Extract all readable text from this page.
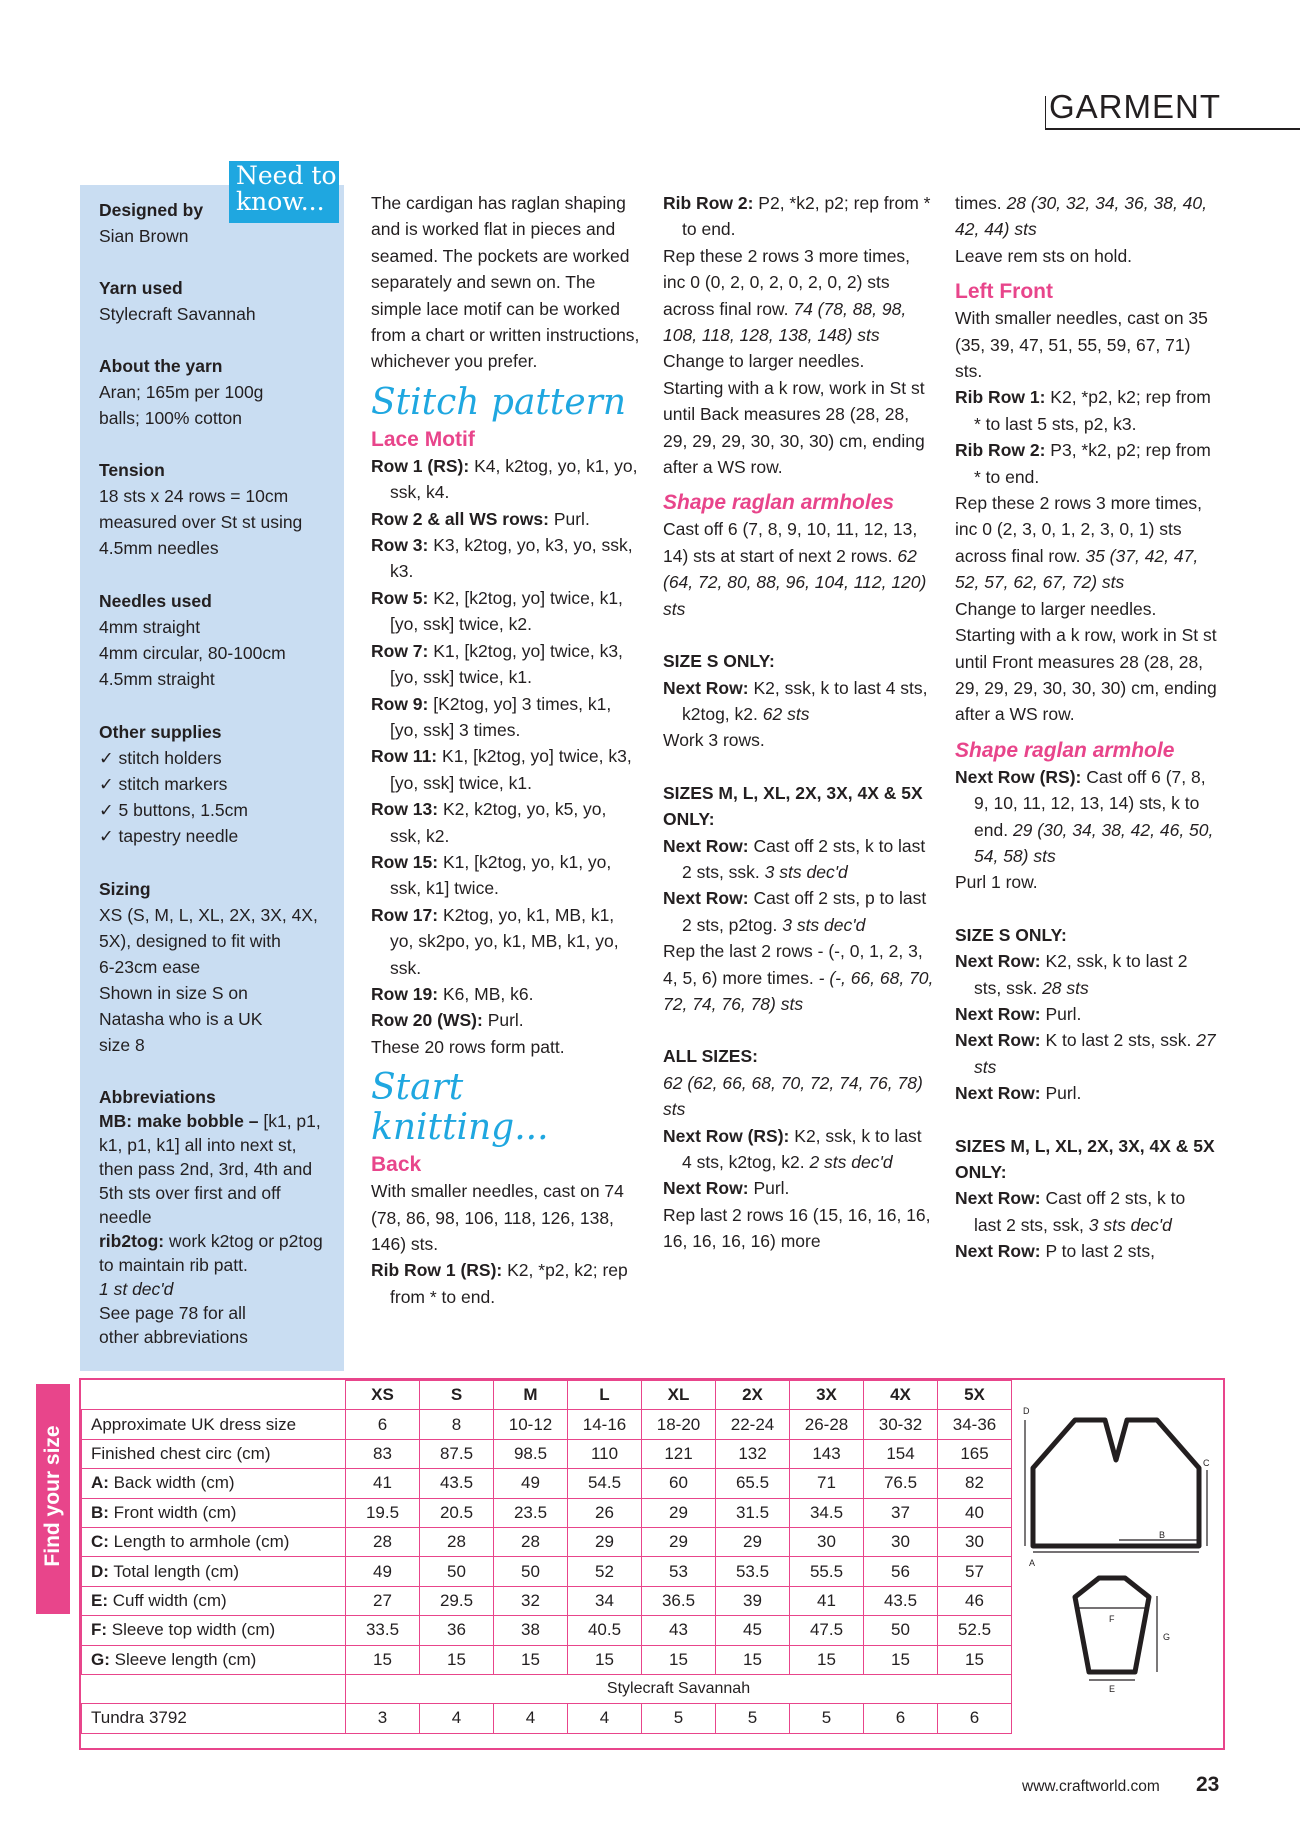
GARMENT
Need to
know...
Designed by

Sian Brown

Yarn used

Stylecraft Savannah

About the yarn

Aran; 165m per 100g

balls; 100% cotton

Tension

18 sts x 24 rows = 10cm

measured over St st using

4.5mm needles

Needles used

4mm straight

4mm circular, 80-100cm

4.5mm straight

Other supplies

✓ stitch holders

✓ stitch markers

✓ 5 buttons, 1.5cm

✓ tapestry needle

Sizing

XS (S, M, L, XL, 2X, 3X, 4X,

5X), designed to fit with

6-23cm ease

Shown in size S on

Natasha who is a UK

size 8

Abbreviations

MB: make bobble – [k1, p1, k1, p1, k1] all into next st, then pass 2nd, 3rd, 4th and 5th sts over first and off needle

rib2tog: work k2tog or p2tog to maintain rib patt.

1 st dec'd

See page 78 for all other abbreviations

The cardigan has raglan shaping and is worked flat in pieces and seamed. The pockets are worked separately and sewn on. The simple lace motif can be worked from a chart or written instructions, whichever you prefer.

Stitch pattern
Lace Motif

Row 1 (RS): K4, k2tog, yo, k1, yo, ssk, k4.

Row 2 & all WS rows: Purl.

Row 3: K3, k2tog, yo, k3, yo, ssk, k3.

Row 5: K2, [k2tog, yo] twice, k1, [yo, ssk] twice, k2.

Row 7: K1, [k2tog, yo] twice, k3, [yo, ssk] twice, k1.

Row 9: [K2tog, yo] 3 times, k1, [yo, ssk] 3 times.

Row 11: K1, [k2tog, yo] twice, k3, [yo, ssk] twice, k1.

Row 13: K2, k2tog, yo, k5, yo, ssk, k2.

Row 15: K1, [k2tog, yo, k1, yo, ssk, k1] twice.

Row 17: K2tog, yo, k1, MB, k1, yo, sk2po, yo, k1, MB, k1, yo, ssk.

Row 19: K6, MB, k6.

Row 20 (WS): Purl.

These 20 rows form patt.

Start knitting...
Back

With smaller needles, cast on 74 (78, 86, 98, 106, 118, 126, 138, 146) sts.

Rib Row 1 (RS): K2, *p2, k2; rep from * to end.

Rib Row 2: P2, *k2, p2; rep from * to end.

Rep these 2 rows 3 more times, inc 0 (0, 2, 0, 2, 0, 2, 0, 2) sts across final row. 74 (78, 88, 98, 108, 118, 128, 138, 148) sts

Change to larger needles.

Starting with a k row, work in St st until Back measures 28 (28, 28, 29, 29, 29, 30, 30, 30) cm, ending after a WS row.

Shape raglan armholes

Cast off 6 (7, 8, 9, 10, 11, 12, 13, 14) sts at start of next 2 rows. 62 (64, 72, 80, 88, 96, 104, 112, 120) sts

SIZE S ONLY:

Next Row: K2, ssk, k to last 4 sts, k2tog, k2. 62 sts

Work 3 rows.

SIZES M, L, XL, 2X, 3X, 4X & 5X ONLY:

Next Row: Cast off 2 sts, k to last 2 sts, ssk. 3 sts dec'd

Next Row: Cast off 2 sts, p to last 2 sts, p2tog. 3 sts dec'd

Rep the last 2 rows - (-, 0, 1, 2, 3, 4, 5, 6) more times. - (-, 66, 68, 70, 72, 74, 76, 78) sts

ALL SIZES:

62 (62, 66, 68, 70, 72, 74, 76, 78) sts

Next Row (RS): K2, ssk, k to last 4 sts, k2tog, k2. 2 sts dec'd

Next Row: Purl.

Rep last 2 rows 16 (15, 16, 16, 16, 16, 16, 16, 16) more

times. 28 (30, 32, 34, 36, 38, 40, 42, 44) sts

Leave rem sts on hold.

Left Front

With smaller needles, cast on 35 (35, 39, 47, 51, 55, 59, 67, 71) sts.

Rib Row 1: K2, *p2, k2; rep from * to last 5 sts, p2, k3.

Rib Row 2: P3, *k2, p2; rep from * to end.

Rep these 2 rows 3 more times, inc 0 (2, 3, 0, 1, 2, 3, 0, 1) sts across final row. 35 (37, 42, 47, 52, 57, 62, 67, 72) sts

Change to larger needles.

Starting with a k row, work in St st until Front measures 28 (28, 28, 29, 29, 29, 30, 30, 30) cm, ending after a WS row.

Shape raglan armhole

Next Row (RS): Cast off 6 (7, 8, 9, 10, 11, 12, 13, 14) sts, k to end. 29 (30, 34, 38, 42, 46, 50, 54, 58) sts

Purl 1 row.

SIZE S ONLY:

Next Row: K2, ssk, k to last 2 sts, ssk. 28 sts

Next Row: Purl.

Next Row: K to last 2 sts, ssk. 27 sts

Next Row: Purl.

SIZES M, L, XL, 2X, 3X, 4X & 5X ONLY:

Next Row: Cast off 2 sts, k to last 2 sts, ssk, 3 sts dec'd

Next Row: P to last 2 sts,

Find your size
	XS	S	M	L	XL	2X	3X	4X	5X
Approximate UK dress size	6	8	10-12	14-16	18-20	22-24	26-28	30-32	34-36
Finished chest circ (cm)	83	87.5	98.5	110	121	132	143	154	165
A: Back width (cm)	41	43.5	49	54.5	60	65.5	71	76.5	82
B: Front width (cm)	19.5	20.5	23.5	26	29	31.5	34.5	37	40
C: Length to armhole (cm)	28	28	28	29	29	29	30	30	30
D: Total length (cm)	49	50	50	52	53	53.5	55.5	56	57
E: Cuff width (cm)	27	29.5	32	34	36.5	39	41	43.5	46
F: Sleeve top width (cm)	33.5	36	38	40.5	43	45	47.5	50	52.5
G: Sleeve length (cm)	15	15	15	15	15	15	15	15	15
	Stylecraft Savannah								
Tundra 3792	3	4	4	4	5	5	5	6	6
A
B
C
D
E
F
G
www.craftworld.com 23
